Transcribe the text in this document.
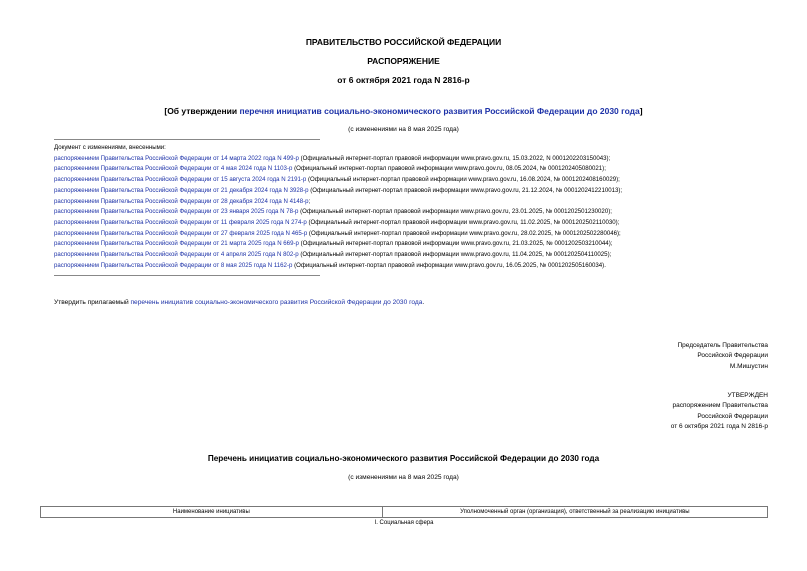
ПРАВИТЕЛЬСТВО РОССИЙСКОЙ ФЕДЕРАЦИИ
РАСПОРЯЖЕНИЕ
от 6 октября 2021 года N 2816-р
[Об утверждении перечня инициатив социально-экономического развития Российской Федерации до 2030 года]
(с изменениями на 8 мая 2025 года)
Документ с изменениями, внесенными:
распоряжением Правительства Российской Федерации от 14 марта 2022 года N 499-р (Официальный интернет-портал правовой информации www.pravo.gov.ru, 15.03.2022, N 0001202203150043);
распоряжением Правительства Российской Федерации от 4 мая 2024 года N 1103-р (Официальный интернет-портал правовой информации www.pravo.gov.ru, 08.05.2024, № 0001202405080021);
распоряжением Правительства Российской Федерации от 15 августа 2024 года N 2191-р (Официальный интернет-портал правовой информации www.pravo.gov.ru, 16.08.2024, № 0001202408160029);
распоряжением Правительства Российской Федерации от 21 декабря 2024 года N 3928-р (Официальный интернет-портал правовой информации www.pravo.gov.ru, 21.12.2024, № 0001202412210013);
распоряжением Правительства Российской Федерации от 28 декабря 2024 года N 4148-р;
распоряжением Правительства Российской Федерации от 23 января 2025 года N 78-р (Официальный интернет-портал правовой информации www.pravo.gov.ru, 23.01.2025, № 0001202501230020);
распоряжением Правительства Российской Федерации от 11 февраля 2025 года N 274-р (Официальный интернет-портал правовой информации www.pravo.gov.ru, 11.02.2025, № 0001202502110030);
распоряжением Правительства Российской Федерации от 27 февраля 2025 года N 465-р (Официальный интернет-портал правовой информации www.pravo.gov.ru, 28.02.2025, № 0001202502280046);
распоряжением Правительства Российской Федерации от 21 марта 2025 года N 669-р (Официальный интернет-портал правовой информации www.pravo.gov.ru, 21.03.2025, № 0001202503210044);
распоряжением Правительства Российской Федерации от 4 апреля 2025 года N 802-р (Официальный интернет-портал правовой информации www.pravo.gov.ru, 11.04.2025, № 0001202504110025);
распоряжением Правительства Российской Федерации от 8 мая 2025 года N 1162-р (Официальный интернет-портал правовой информации www.pravo.gov.ru, 16.05.2025, № 0001202505160034).
Утвердить прилагаемый перечень инициатив социально-экономического развития Российской Федерации до 2030 года.
Председатель Правительства
Российской Федерации
М.Мишустин
УТВЕРЖДЕН
распоряжением Правительства
Российской Федерации
от 6 октября 2021 года N 2816-р
Перечень инициатив социально-экономического развития Российской Федерации до 2030 года
(с изменениями на 8 мая 2025 года)
Наименование инициативы	Уполномоченный орган (организация), ответственный за реализацию инициативы
I. Социальная сфера
